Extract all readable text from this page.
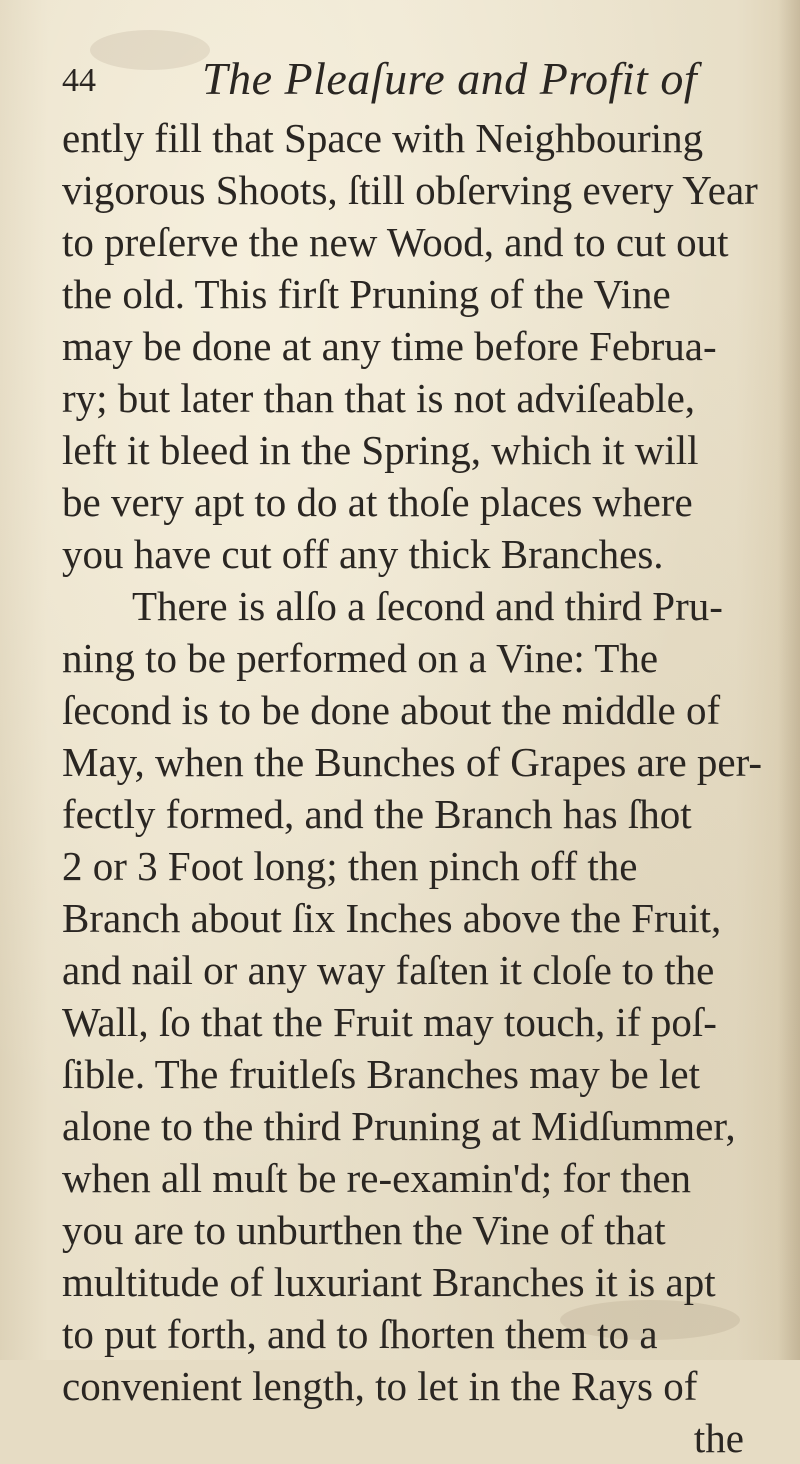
44 The Pleaſure and Profit of
ently fill that Space with Neighbouring
vigorous Shoots, ſtill obſerving every Year
to preſerve the new Wood, and to cut out
the old. This firſt Pruning of the Vine
may be done at any time before Februa-
ry; but later than that is not adviſeable,
left it bleed in the Spring, which it will
be very apt to do at thoſe places where
you have cut off any thick Branches.
There is alſo a ſecond and third Pru-
ning to be performed on a Vine: The
ſecond is to be done about the middle of
May, when the Bunches of Grapes are per-
fectly formed, and the Branch has ſhot
2 or 3 Foot long; then pinch off the
Branch about ſix Inches above the Fruit,
and nail or any way faſten it cloſe to the
Wall, ſo that the Fruit may touch, if poſ-
ſible. The fruitleſs Branches may be let
alone to the third Pruning at Midſummer,
when all muſt be re-examin'd; for then
you are to unburthen the Vine of that
multitude of luxuriant Branches it is apt
to put forth, and to ſhorten them to a
convenient length, to let in the Rays of
the
